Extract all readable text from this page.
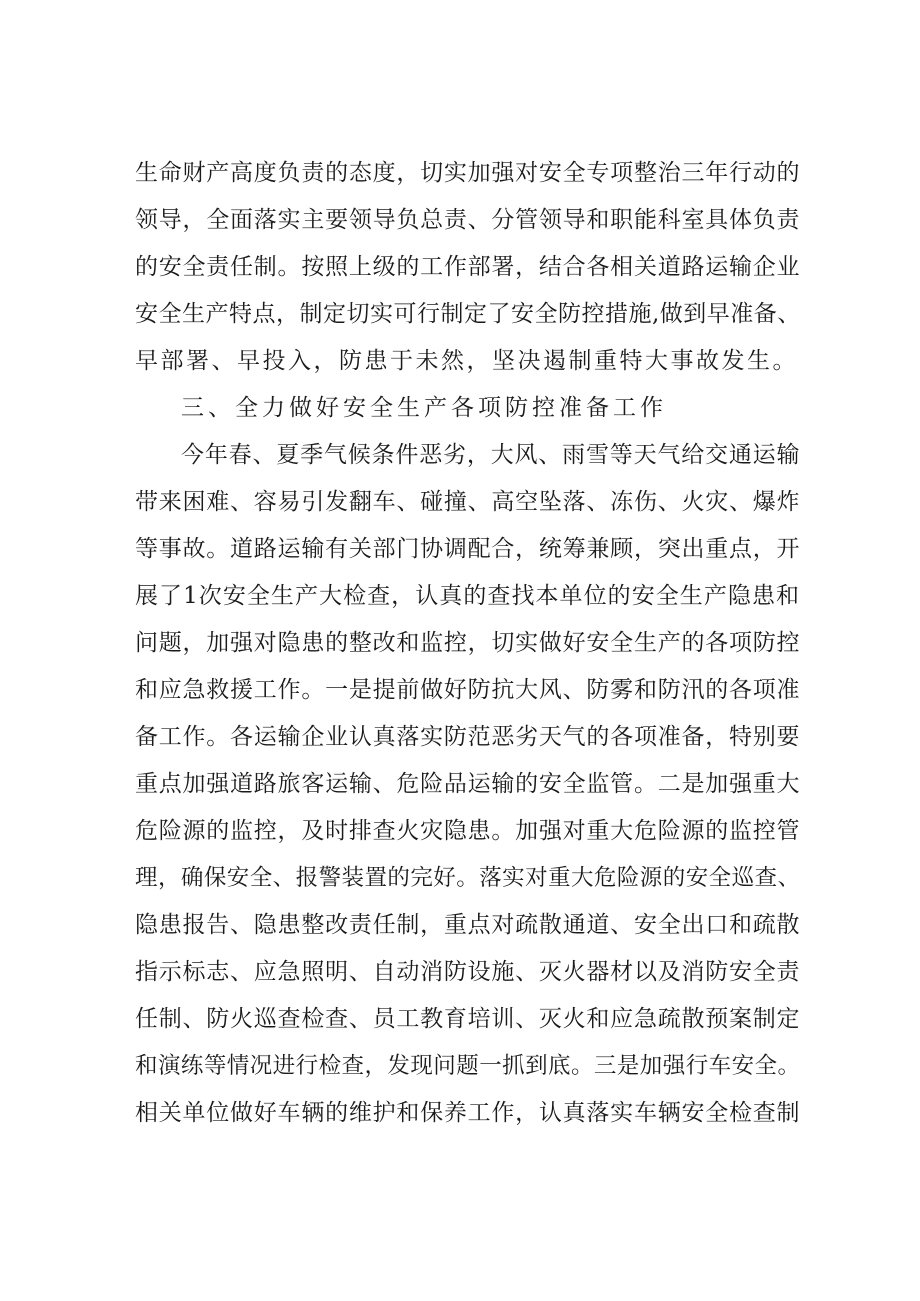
生命财产高度负责的态度，切实加强对安全专项整治三年行动的
领导，全面落实主要领导负总责、分管领导和职能科室具体负责
的安全责任制。按照上级的工作部署，结合各相关道路运输企业
安全生产特点，制定切实可行制定了安全防控措施,做到早准备、
早部署、早投入，防患于未然，坚决遏制重特大事故发生。
三、全力做好安全生产各项防控准备工作
今年春、夏季气候条件恶劣，大风、雨雪等天气给交通运输
带来困难、容易引发翻车、碰撞、高空坠落、冻伤、火灾、爆炸
等事故。道路运输有关部门协调配合，统筹兼顾，突出重点，开
展了1次安全生产大检查，认真的查找本单位的安全生产隐患和
问题，加强对隐患的整改和监控，切实做好安全生产的各项防控
和应急救援工作。一是提前做好防抗大风、防雾和防汛的各项准
备工作。各运输企业认真落实防范恶劣天气的各项准备，特别要
重点加强道路旅客运输、危险品运输的安全监管。二是加强重大
危险源的监控，及时排查火灾隐患。加强对重大危险源的监控管
理，确保安全、报警装置的完好。落实对重大危险源的安全巡查、
隐患报告、隐患整改责任制，重点对疏散通道、安全出口和疏散
指示标志、应急照明、自动消防设施、灭火器材以及消防安全责
任制、防火巡查检查、员工教育培训、灭火和应急疏散预案制定
和演练等情况进行检查，发现问题一抓到底。三是加强行车安全。
相关单位做好车辆的维护和保养工作，认真落实车辆安全检查制
